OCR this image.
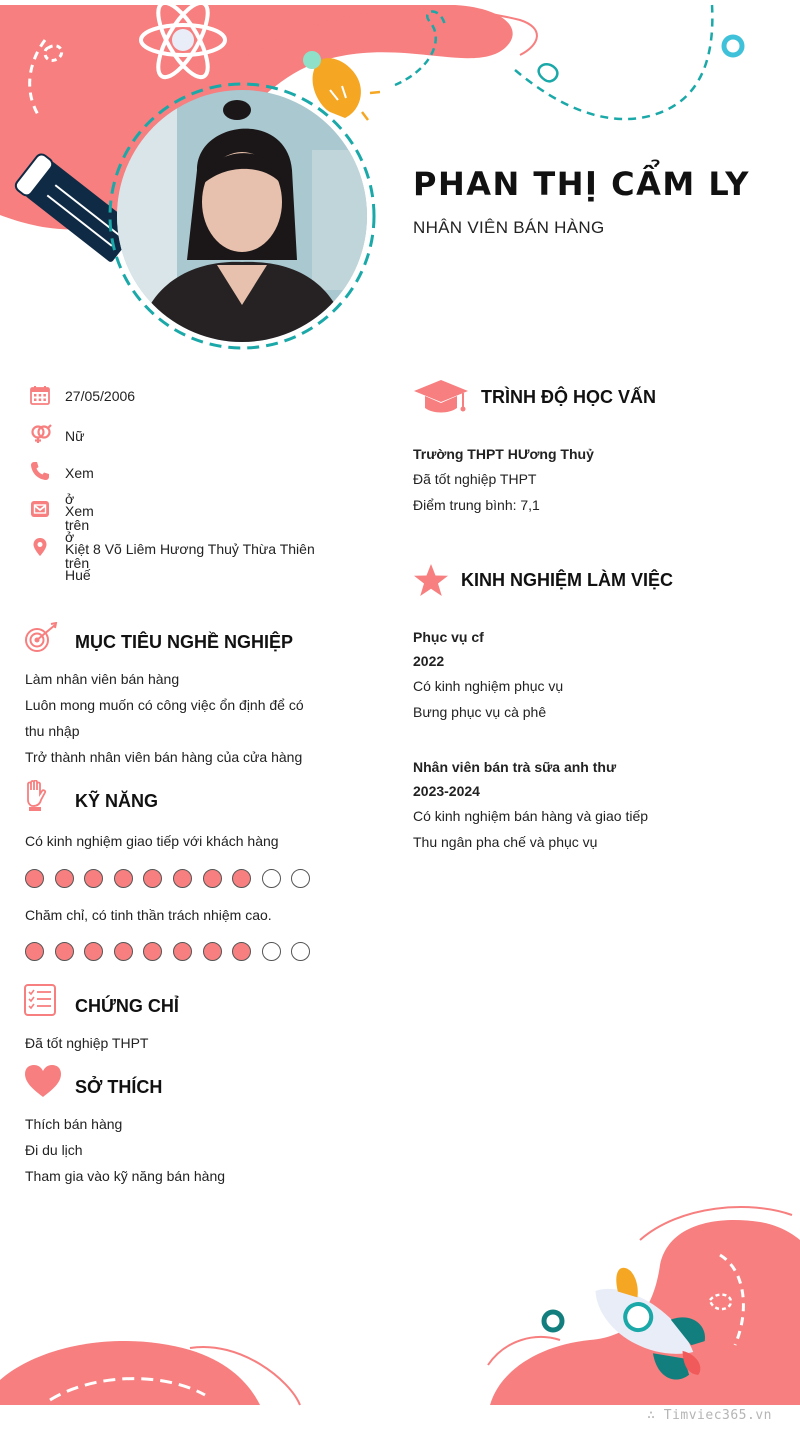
PHAN THỊ CẨM LY
NHÂN VIÊN BÁN HÀNG
27/05/2006
Nữ
Xem ở trên
Xem ở trên
Kiệt 8 Võ Liêm Hương Thuỷ Thừa Thiên
Huế
MỤC TIÊU NGHỀ NGHIỆP
Làm nhân viên bán hàng
Luôn mong muốn có công việc ổn định để có
thu nhập
Trở thành nhân viên bán hàng của cửa hàng
KỸ NĂNG
Có kinh nghiệm giao tiếp với khách hàng
Chăm chỉ, có tinh thần trách nhiệm cao.
CHỨNG CHỈ
Đã tốt nghiệp THPT
SỞ THÍCH
Thích bán hàng
Đi du lịch
Tham gia vào kỹ năng bán hàng
TRÌNH ĐỘ HỌC VẤN
Trường THPT HƯơng Thuỷ
Đã tốt nghiệp THPT
Điểm trung bình: 7,1
KINH NGHIỆM LÀM VIỆC
Phục vụ cf
2022
Có kinh nghiệm phục vụ
Bưng phục vụ cà phê
Nhân viên bán trà sữa anh thư
2023-2024
Có kinh nghiệm bán hàng và giao tiếp
Thu ngân pha chế và phục vụ
∴ Timviec365.vn
